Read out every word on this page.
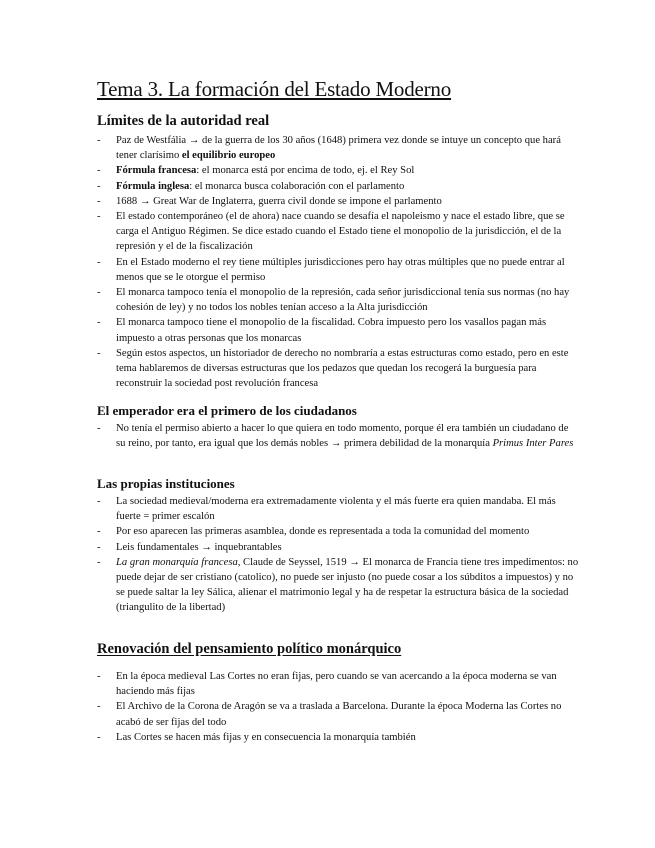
Tema 3. La formación del Estado Moderno
Límites de la autoridad real
- Paz de Westfália → de la guerra de los 30 años (1648) primera vez donde se intuye un concepto que hará tener clarísimo el equilibrio europeo
- Fórmula francesa: el monarca está por encima de todo, ej. el Rey Sol
- Fórmula inglesa: el monarca busca colaboración con el parlamento
- 1688 → Great War de Inglaterra, guerra civil donde se impone el parlamento
- El estado contemporáneo (el de ahora) nace cuando se desafía el napoleismo y nace el estado libre, que se carga el Antiguo Régimen. Se dice estado cuando el Estado tiene el monopolio de la jurisdicción, el de la represión y el de la fiscalización
- En el Estado moderno el rey tiene múltiples jurisdicciones pero hay otras múltiples que no puede entrar al menos que se le otorgue el permiso
- El monarca tampoco tenía el monopolio de la represión, cada señor jurisdiccional tenía sus normas (no hay cohesión de ley) y no todos los nobles tenían acceso a la Alta jurisdicción
- El monarca tampoco tiene el monopolio de la fiscalidad. Cobra impuesto pero los vasallos pagan más impuesto a otras personas que los monarcas
- Según estos aspectos, un historiador de derecho no nombraría a estas estructuras como estado, pero en este tema hablaremos de diversas estructuras que los pedazos que quedan los recogerá la burguesía para reconstruir la sociedad post revolución francesa
El emperador era el primero de los ciudadanos
- No tenía el permiso abierto a hacer lo que quiera en todo momento, porque él era también un ciudadano de su reino, por tanto, era igual que los demás nobles → primera debilidad de la monarquía Primus Inter Pares
Las propias instituciones
- La sociedad medieval/moderna era extremadamente violenta y el más fuerte era quien mandaba. El más fuerte = primer escalón
- Por eso aparecen las primeras asamblea, donde es representada a toda la comunidad del momento
- Leis fundamentales → inquebrantables
- La gran monarquía francesa, Claude de Seyssel, 1519 → El monarca de Francia tiene tres impedimentos: no puede dejar de ser cristiano (catolico), no puede ser injusto (no puede cosar a los súbditos a impuestos) y no se puede saltar la ley Sálica, alienar el matrimonio legal y ha de respetar la estructura básica de la sociedad (triangulito de la libertad)
Renovación del pensamiento político monárquico
- En la época medieval Las Cortes no eran fijas, pero cuando se van acercando a la época moderna se van haciendo más fijas
- El Archivo de la Corona de Aragón se va a traslada a Barcelona. Durante la época Moderna las Cortes no acabó de ser fijas del todo
- Las Cortes se hacen más fijas y en consecuencia la monarquía también
